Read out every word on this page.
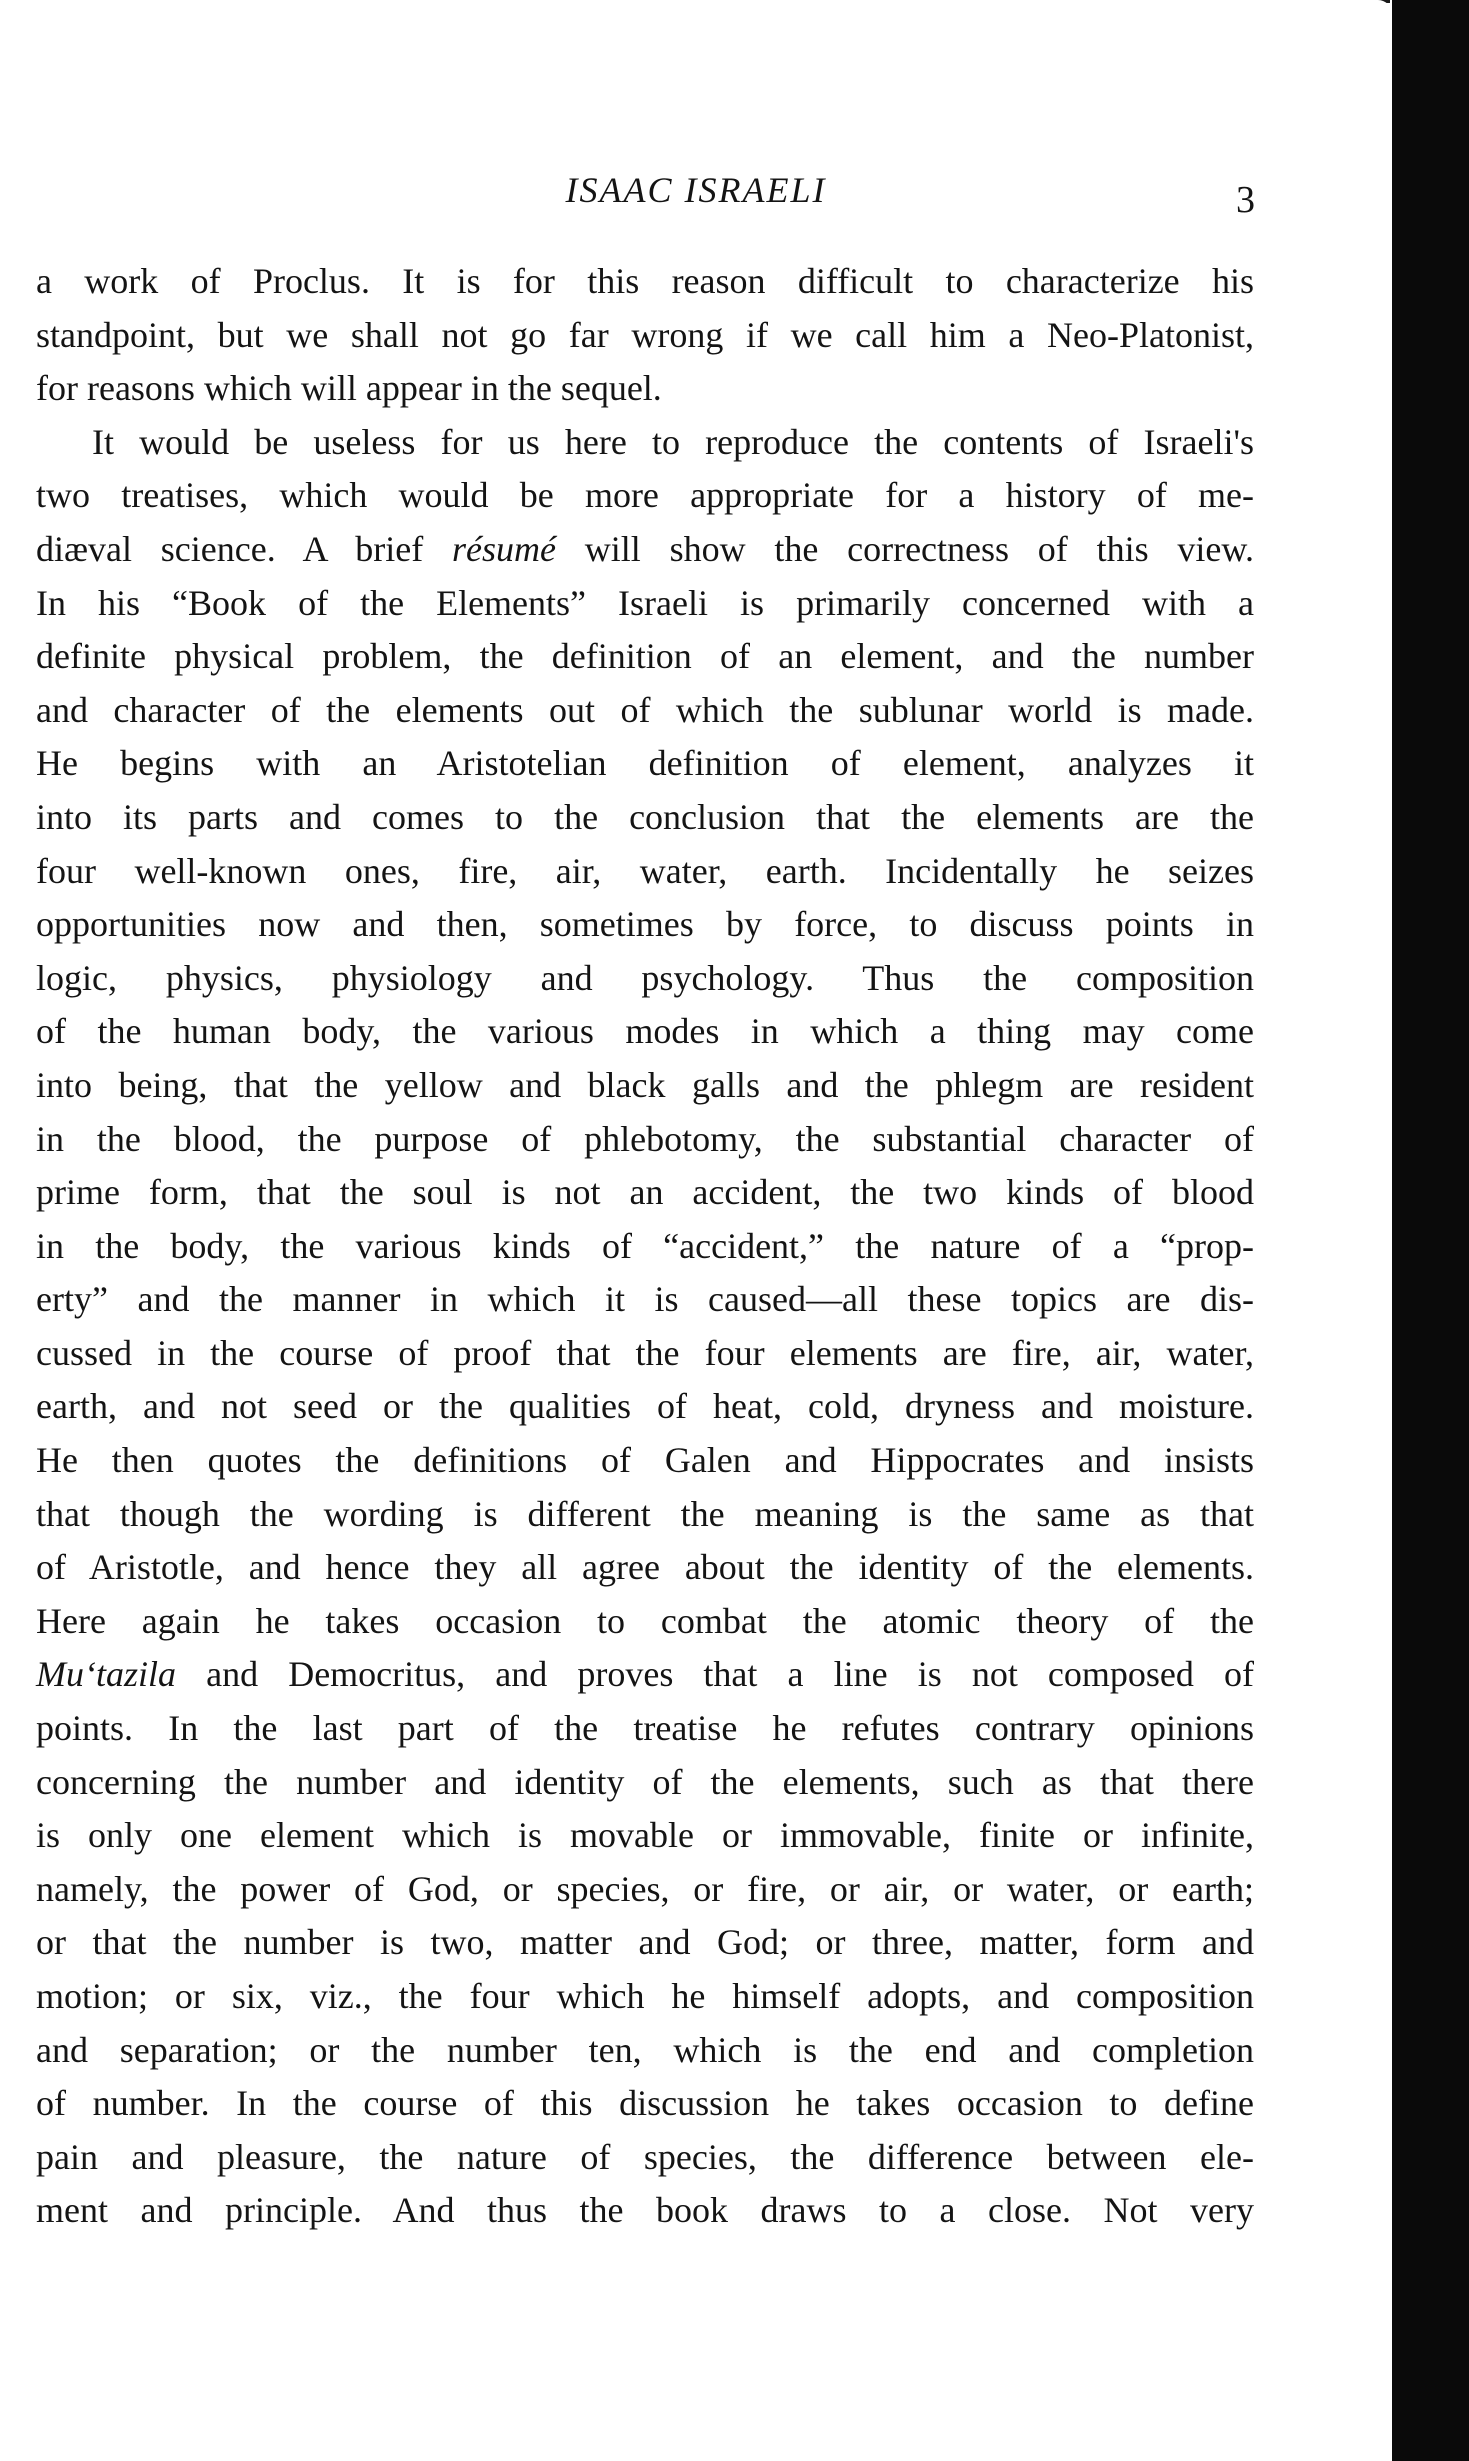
ISAAC ISRAELI	3
a work of Proclus. It is for this reason difficult to characterize his
standpoint, but we shall not go far wrong if we call him a Neo-Platonist,
for reasons which will appear in the sequel.
It would be useless for us here to reproduce the contents of Israeli's
two treatises, which would be more appropriate for a history of me-
diæval science. A brief résumé will show the correctness of this view.
In his “Book of the Elements” Israeli is primarily concerned with a
definite physical problem, the definition of an element, and the number
and character of the elements out of which the sublunar world is made.
He begins with an Aristotelian definition of element, analyzes it
into its parts and comes to the conclusion that the elements are the
four well-known ones, fire, air, water, earth. Incidentally he seizes
opportunities now and then, sometimes by force, to discuss points in
logic, physics, physiology and psychology. Thus the composition
of the human body, the various modes in which a thing may come
into being, that the yellow and black galls and the phlegm are resident
in the blood, the purpose of phlebotomy, the substantial character of
prime form, that the soul is not an accident, the two kinds of blood
in the body, the various kinds of “accident,” the nature of a “prop-
erty” and the manner in which it is caused—all these topics are dis-
cussed in the course of proof that the four elements are fire, air, water,
earth, and not seed or the qualities of heat, cold, dryness and moisture.
He then quotes the definitions of Galen and Hippocrates and insists
that though the wording is different the meaning is the same as that
of Aristotle, and hence they all agree about the identity of the elements.
Here again he takes occasion to combat the atomic theory of the
Mu‘tazila and Democritus, and proves that a line is not composed of
points. In the last part of the treatise he refutes contrary opinions
concerning the number and identity of the elements, such as that there
is only one element which is movable or immovable, finite or infinite,
namely, the power of God, or species, or fire, or air, or water, or earth;
or that the number is two, matter and God; or three, matter, form and
motion; or six, viz., the four which he himself adopts, and composition
and separation; or the number ten, which is the end and completion
of number. In the course of this discussion he takes occasion to define
pain and pleasure, the nature of species, the difference between ele-
ment and principle. And thus the book draws to a close. Not very
